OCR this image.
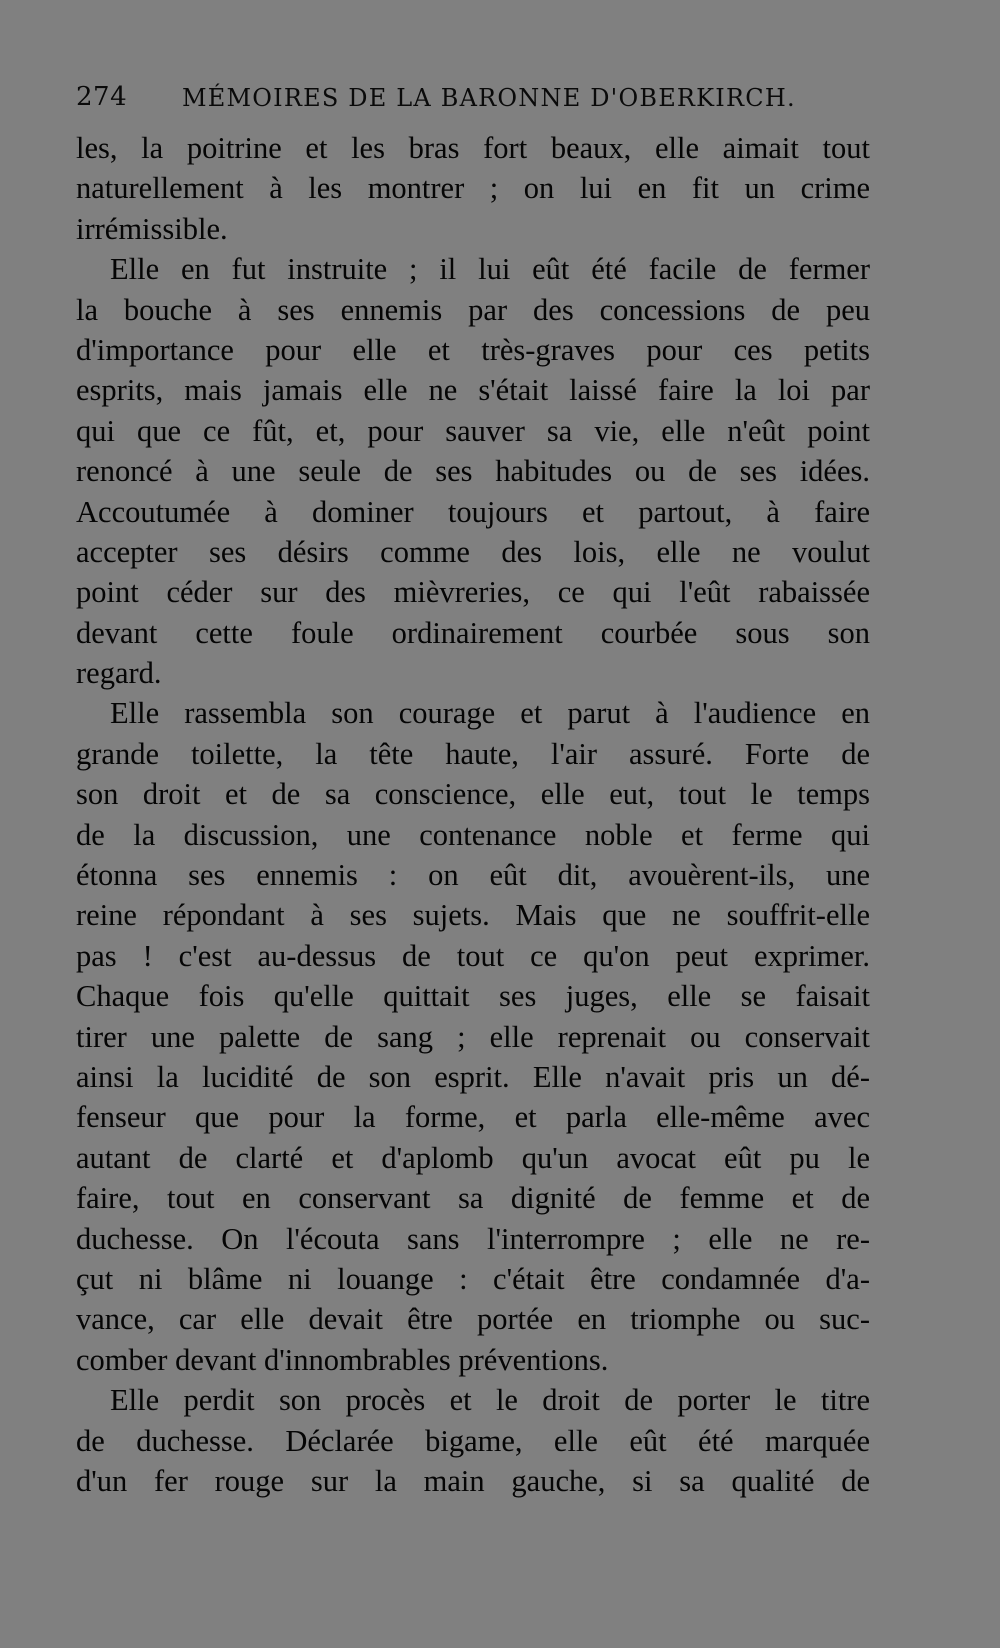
274 MÉMOIRES DE LA BARONNE D'OBERKIRCH.
les, la poitrine et les bras fort beaux, elle aimait tout
naturellement à les montrer ; on lui en fit un crime
irrémissible.
Elle en fut instruite ; il lui eût été facile de fermer
la bouche à ses ennemis par des concessions de peu
d'importance pour elle et très-graves pour ces petits
esprits, mais jamais elle ne s'était laissé faire la loi par
qui que ce fût, et, pour sauver sa vie, elle n'eût point
renoncé à une seule de ses habitudes ou de ses idées.
Accoutumée à dominer toujours et partout, à faire
accepter ses désirs comme des lois, elle ne voulut
point céder sur des mièvreries, ce qui l'eût rabaissée
devant cette foule ordinairement courbée sous son
regard.
Elle rassembla son courage et parut à l'audience en
grande toilette, la tête haute, l'air assuré. Forte de
son droit et de sa conscience, elle eut, tout le temps
de la discussion, une contenance noble et ferme qui
étonna ses ennemis : on eût dit, avouèrent-ils, une
reine répondant à ses sujets. Mais que ne souffrit-elle
pas ! c'est au-dessus de tout ce qu'on peut exprimer.
Chaque fois qu'elle quittait ses juges, elle se faisait
tirer une palette de sang ; elle reprenait ou conservait
ainsi la lucidité de son esprit. Elle n'avait pris un dé-
fenseur que pour la forme, et parla elle-même avec
autant de clarté et d'aplomb qu'un avocat eût pu le
faire, tout en conservant sa dignité de femme et de
duchesse. On l'écouta sans l'interrompre ; elle ne re-
çut ni blâme ni louange : c'était être condamnée d'a-
vance, car elle devait être portée en triomphe ou suc-
comber devant d'innombrables préventions.
Elle perdit son procès et le droit de porter le titre
de duchesse. Déclarée bigame, elle eût été marquée
d'un fer rouge sur la main gauche, si sa qualité de
